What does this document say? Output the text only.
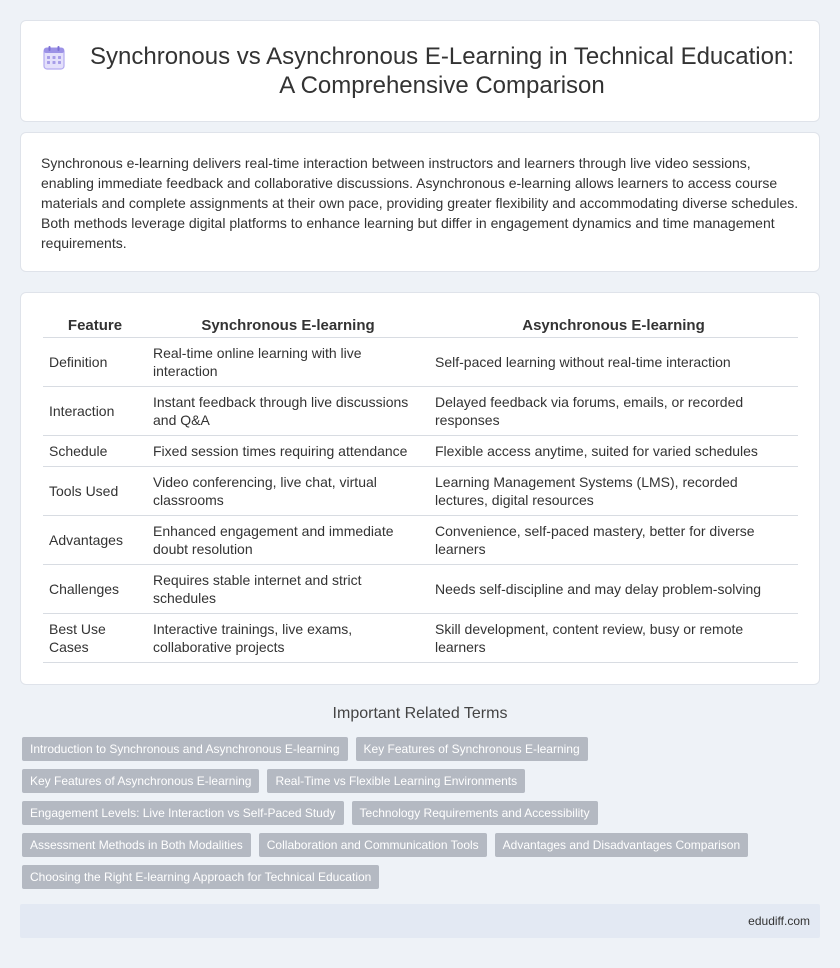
Synchronous vs Asynchronous E-Learning in Technical Education: A Comprehensive Comparison

Synchronous e-learning delivers real-time interaction between instructors and learners through live video sessions, enabling immediate feedback and collaborative discussions. Asynchronous e-learning allows learners to access course materials and complete assignments at their own pace, providing greater flexibility and accommodating diverse schedules. Both methods leverage digital platforms to enhance learning but differ in engagement dynamics and time management requirements.

Feature	Synchronous E-learning	Asynchronous E-learning
Definition	Real-time online learning with live interaction	Self-paced learning without real-time interaction
Interaction	Instant feedback through live discussions and Q&A	Delayed feedback via forums, emails, or recorded responses
Schedule	Fixed session times requiring attendance	Flexible access anytime, suited for varied schedules
Tools Used	Video conferencing, live chat, virtual classrooms	Learning Management Systems (LMS), recorded lectures, digital resources
Advantages	Enhanced engagement and immediate doubt resolution	Convenience, self-paced mastery, better for diverse learners
Challenges	Requires stable internet and strict schedules	Needs self-discipline and may delay problem-solving
Best Use Cases	Interactive trainings, live exams, collaborative projects	Skill development, content review, busy or remote learners
Important Related Terms
Introduction to Synchronous and Asynchronous E-learning	Key Features of Synchronous E-learning
Key Features of Asynchronous E-learning	Real-Time vs Flexible Learning Environments
Engagement Levels: Live Interaction vs Self-Paced Study	Technology Requirements and Accessibility
Assessment Methods in Both Modalities	Collaboration and Communication Tools	Advantages and Disadvantages Comparison
Choosing the Right E-learning Approach for Technical Education
edudiff.com
